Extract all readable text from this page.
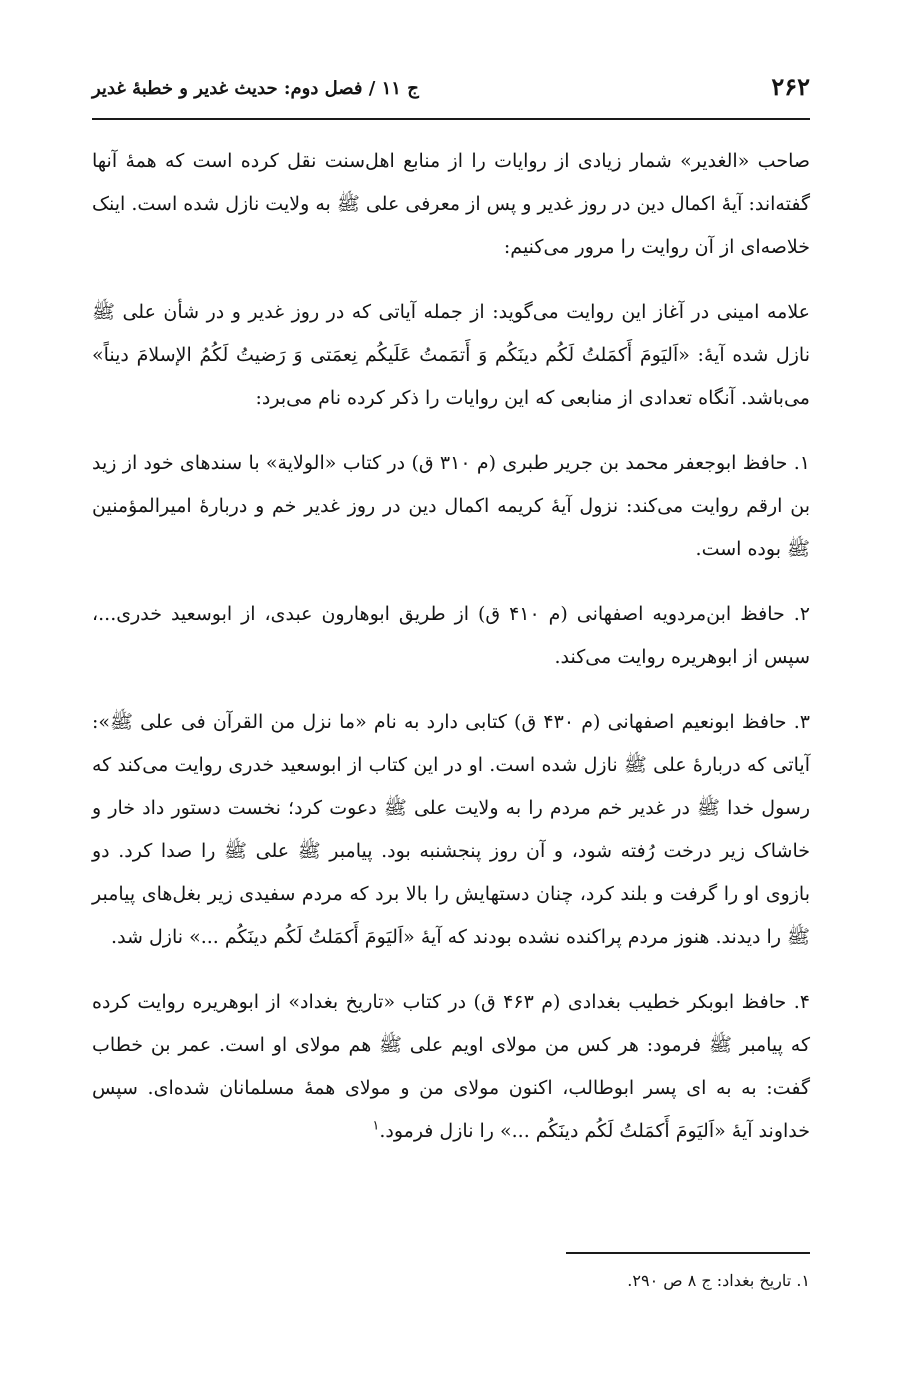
۲۶۲
ج ۱۱ / فصل دوم: حدیث غدیر و خطبهٔ غدیر

صاحب «الغدیر» شمار زیادی از روایات را از منابع اهل‌سنت نقل کرده است که همهٔ آنها گفته‌اند: آیهٔ اکمال دین در روز غدیر و پس از معرفی علی ﷺ به ولایت نازل شده است. اینک خلاصه‌ای از آن روایت را مرور می‌کنیم:

علامه امینی در آغاز این روایت می‌گوید: از جمله آیاتی که در روز غدیر و در شأن علی ﷺ نازل شده آیهٔ: «اَلیَومَ أَکمَلتُ لَکُم دینَکُم وَ أَتمَمتُ عَلَیکُم نِعمَتی وَ رَضیتُ لَکُمُ الإسلامَ دیناً» می‌باشد. آنگاه تعدادی از منابعی که این روایات را ذکر کرده نام می‌برد:

۱. حافظ ابوجعفر محمد بن جریر طبری (م ۳۱۰ ق) در کتاب «الولایة» با سندهای خود از زید بن ارقم روایت می‌کند: نزول آیهٔ کریمه اکمال دین در روز غدیر خم و دربارهٔ امیرالمؤمنین ﷺ بوده است.

۲. حافظ ابن‌مردویه اصفهانی (م ۴۱۰ ق) از طریق ابوهارون عبدی، از ابوسعید خدری...، سپس از ابوهریره روایت می‌کند.

۳. حافظ ابونعیم اصفهانی (م ۴۳۰ ق) کتابی دارد به نام «ما نزل من القرآن فی علی ﷺ»: آیاتی که دربارهٔ علی ﷺ نازل شده است. او در این کتاب از ابوسعید خدری روایت می‌کند که رسول خدا ﷺ در غدیر خم مردم را به ولایت علی ﷺ دعوت کرد؛ نخست دستور داد خار و خاشاک زیر درخت رُفته شود، و آن روز پنجشنبه بود. پیامبر ﷺ علی ﷺ را صدا کرد. دو بازوی او را گرفت و بلند کرد، چنان دستهایش را بالا برد که مردم سفیدی زیر بغل‌های پیامبر ﷺ را دیدند. هنوز مردم پراکنده نشده بودند که آیهٔ «اَلیَومَ أَکمَلتُ لَکُم دینَکُم ...» نازل شد.

۴. حافظ ابوبکر خطیب بغدادی (م ۴۶۳ ق) در کتاب «تاریخ بغداد» از ابوهریره روایت کرده که پیامبر ﷺ فرمود: هر کس من مولای اویم علی ﷺ هم مولای او است. عمر بن خطاب گفت: به به ای پسر ابوطالب، اکنون مولای من و مولای همهٔ مسلمانان شده‌ای. سپس خداوند آیهٔ «اَلیَومَ أَکمَلتُ لَکُم دینَکُم ...» را نازل فرمود.$^۱$

۱. تاریخ بغداد: ج ۸ ص ۲۹۰.
